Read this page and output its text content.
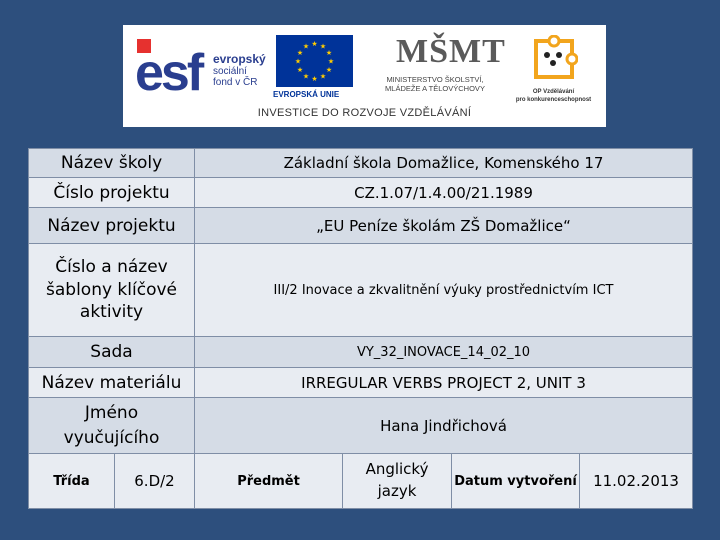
esf evropský
sociální
fond v ČR
★ ★
★
★
★
★
★
★
★
★
★
★
EVROPSKÁ UNIE
MŠMT
MINISTERSTVO ŠKOLSTVÍ,
MLÁDEŽE A TĚLOVÝCHOVY	OP Vzdělávání
pro konkurenceschopnost
INVESTICE DO ROZVOJE VZDĚLÁVÁNÍ
Název školy		Základní škola Domažlice, Komenského 17			
Číslo projektu		CZ.1.07/1.4.00/21.1989			
Název projektu		„EU Peníze školám ZŠ Domažlice“			

Číslo a název
šablony klíčové
aktivity		III/2 Inovace a zkvalitnění výuky prostřednictvím ICT			
Sada		VY_32_INOVACE_14_02_10			
Název materiálu		IRREGULAR VERBS PROJECT 2, UNIT 3			

Jméno
vyučujícího		Hana Jindřichová			
Třída	6.D/2	Předmět	Anglický
jazyk	Datum vytvoření	11.02.2013
